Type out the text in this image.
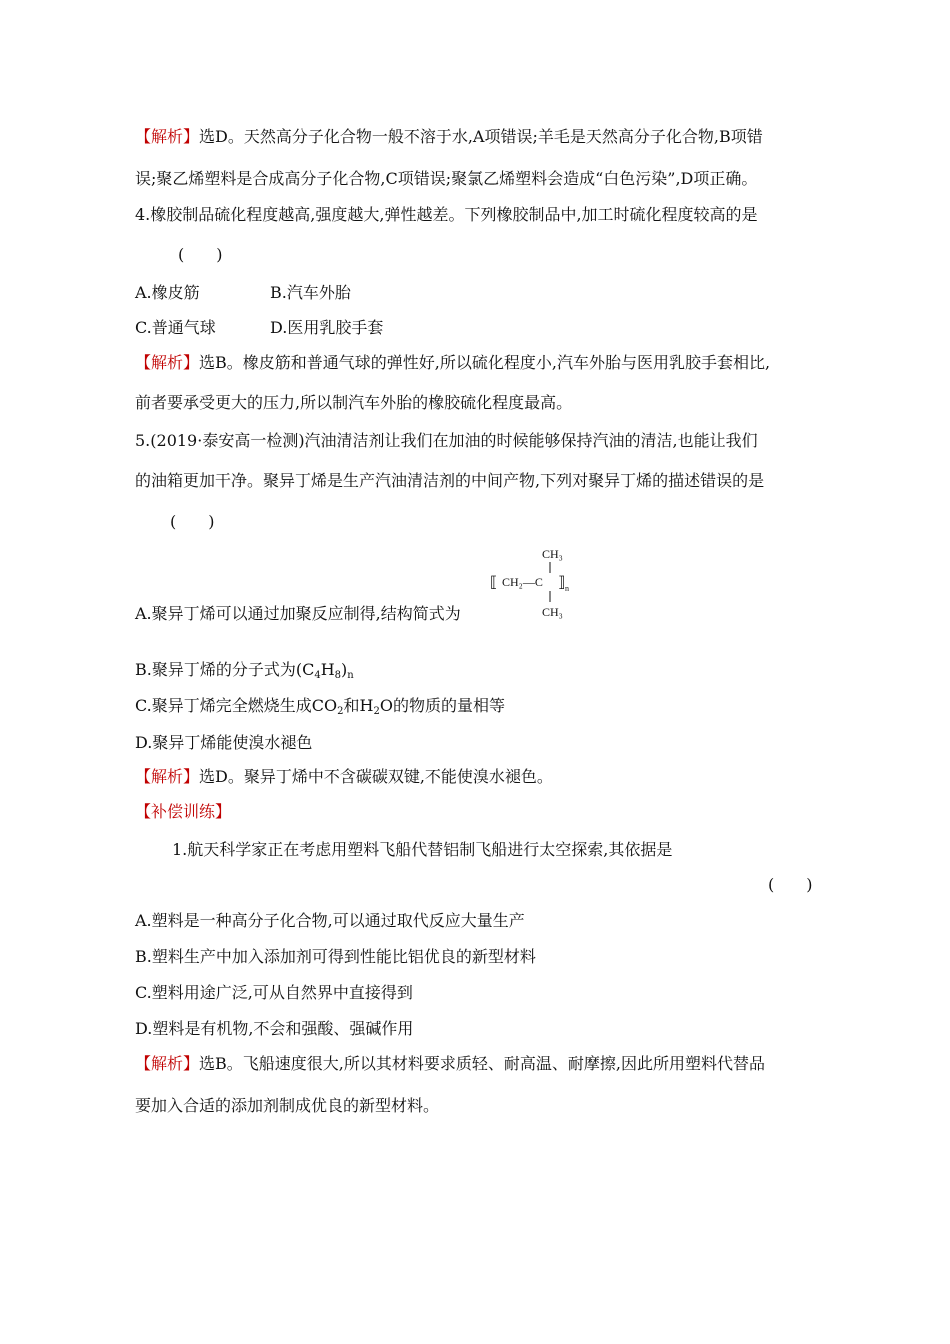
【解析】选D。天然高分子化合物一般不溶于水,A项错误;羊毛是天然高分子化合物,B项错
误;聚乙烯塑料是合成高分子化合物,C项错误;聚氯乙烯塑料会造成“白色污染”,D项正确。
4.橡胶制品硫化程度越高,强度越大,弹性越差。下列橡胶制品中,加工时硫化程度较高的是
(　　)
A.橡皮筋	B.汽车外胎
C.普通气球	D.医用乳胶手套
【解析】选B。橡皮筋和普通气球的弹性好,所以硫化程度小,汽车外胎与医用乳胶手套相比,
前者要承受更大的压力,所以制汽车外胎的橡胶硫化程度最高。
5.(2019·泰安高一检测)汽油清洁剂让我们在加油的时候能够保持汽油的清洁,也能让我们
的油箱更加干净。聚异丁烯是生产汽油清洁剂的中间产物,下列对聚异丁烯的描述错误的是
(　　)
CH₃
⟦ CH₂—C ⟧ n
CH₃
A.聚异丁烯可以通过加聚反应制得,结构简式为
B.聚异丁烯的分子式为$(C_4H_8)_n$
C.聚异丁烯完全燃烧生成$CO_2$和$H_2O$的物质的量相等
D.聚异丁烯能使溴水褪色
【解析】选D。聚异丁烯中不含碳碳双键,不能使溴水褪色。
【补偿训练】
1.航天科学家正在考虑用塑料飞船代替铝制飞船进行太空探索,其依据是
(　　)
A.塑料是一种高分子化合物,可以通过取代反应大量生产
B.塑料生产中加入添加剂可得到性能比铝优良的新型材料
C.塑料用途广泛,可从自然界中直接得到
D.塑料是有机物,不会和强酸、强碱作用
【解析】选B。飞船速度很大,所以其材料要求质轻、耐高温、耐摩擦,因此所用塑料代替品
要加入合适的添加剂制成优良的新型材料。
